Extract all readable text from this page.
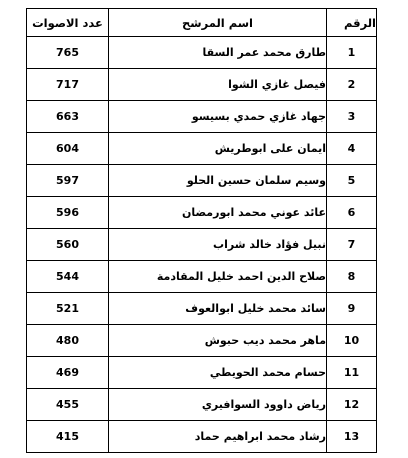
الرقم	اسم المرشح	عدد الاصوات
1	طارق محمد عمر السقا	765
2	فيصل غازي الشوا	717
3	جهاد غازي حمدي بسيسو	663
4	ايمان على ابوطريش	604
5	وسيم سلمان حسين الحلو	597
6	عائد عوني محمد ابورمضان	596
7	نبيل فؤاد خالد شراب	560
8	صلاح الدين احمد خليل المقادمة	544
9	سائد محمد خليل ابوالعوف	521
10	ماهر محمد ديب حبوش	480
11	حسام محمد الحويطي	469
12	رياض داوود السوافيري	455
13	رشاد محمد ابراهيم حماد	415
